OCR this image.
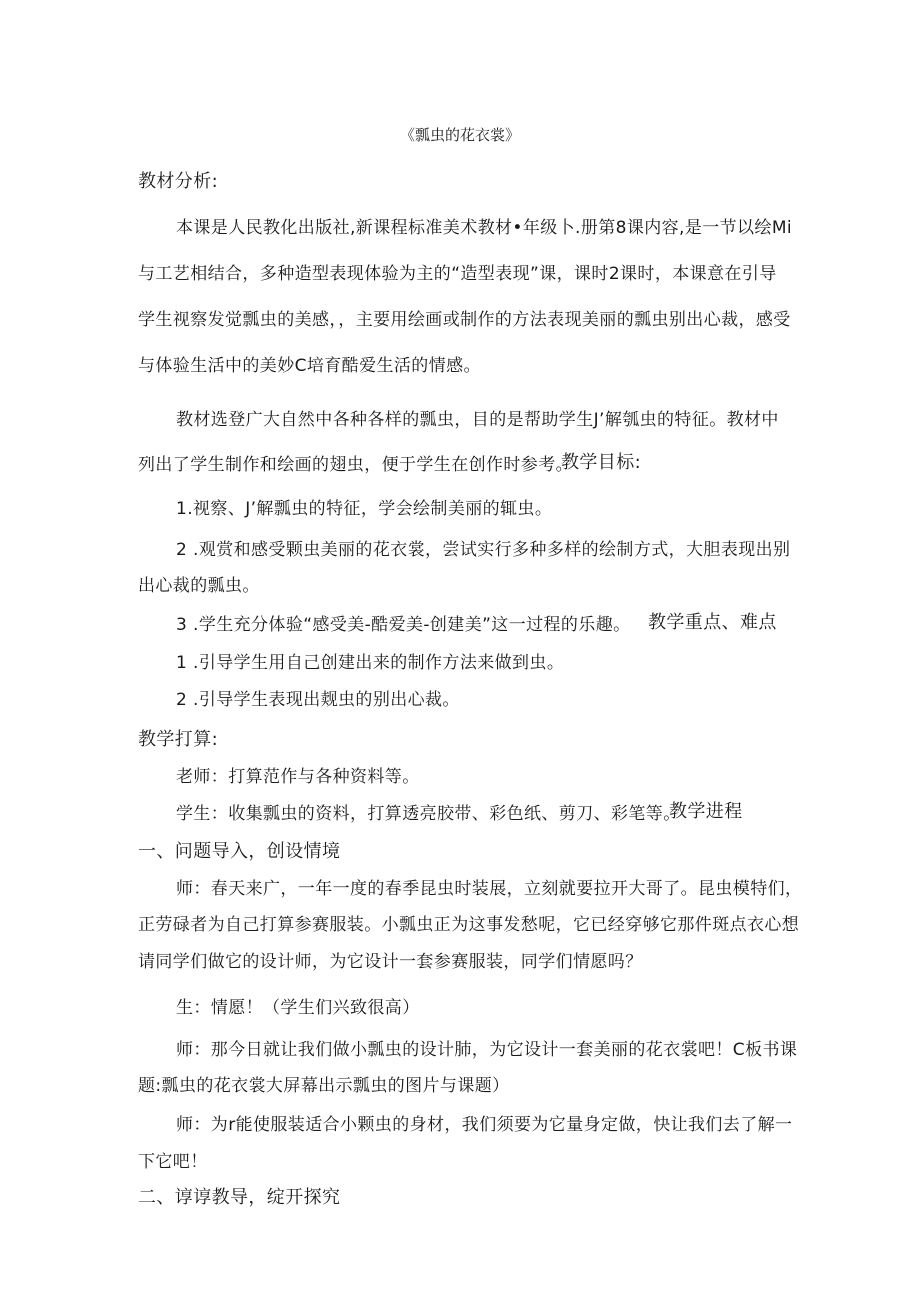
《瓢虫的花衣裳》

教材分析:

本课是人民教化出版社,新课程标准美术教材•年级卜.册第8课内容,是一节以绘Mi

与工艺相结合，多种造型表现体验为主的“造型表现”课，课时2课时，本课意在引导

学生视察发觉瓢虫的美感，，主要用绘画或制作的方法表现美丽的瓢虫别出心裁，感受

与体验生活中的美妙C培育酷爱生活的情感。

教材选登广大自然中各种各样的瓢虫，目的是帮助学生J’解瓠虫的特征。教材中

列出了学生制作和绘画的翅虫，便于学生在创作时参考。

教学目标:

1.视察、J’解瓢虫的特征，学会绘制美丽的辄虫。

2 .观赏和感受颗虫美丽的花衣裳，尝试实行多种多样的绘制方式，大胆表现出别

出心裁的瓢虫。

3 .学生充分体验“感受美-酷爱美-创建美”这一过程的乐趣。 教学重点、难点

1 .引导学生用自己创建出来的制作方法来做到虫。

2 .引导学生表现出觌虫的别出心裁。

教学打算:

老师：打算范作与各种资料等。

学生：收集瓢虫的资料，打算透亮胶带、彩色纸、剪刀、彩笔等。

教学进程

一、问题导入，创设情境

师：春天来广，一年一度的春季昆虫时装展，立刻就要拉开大哥了。昆虫模特们，

正劳碌者为自己打算参赛服装。小瓢虫正为这事发愁呢，它已经穿够它那件斑点衣心想

请同学们做它的设计师，为它设计一套参赛服装，同学们情愿吗？

生：情愿！（学生们兴致很高）

师：那今日就让我们做小瓢虫的设计肺，为它设计一套美丽的花衣裳吧！C板书课

题:瓢虫的花衣裳大屏幕出示瓢虫的图片与课题）

师：为r能使服装适合小颗虫的身材，我们须要为它量身定做，快让我们去了解一

下它吧！

二、谆谆教导，绽开探究
